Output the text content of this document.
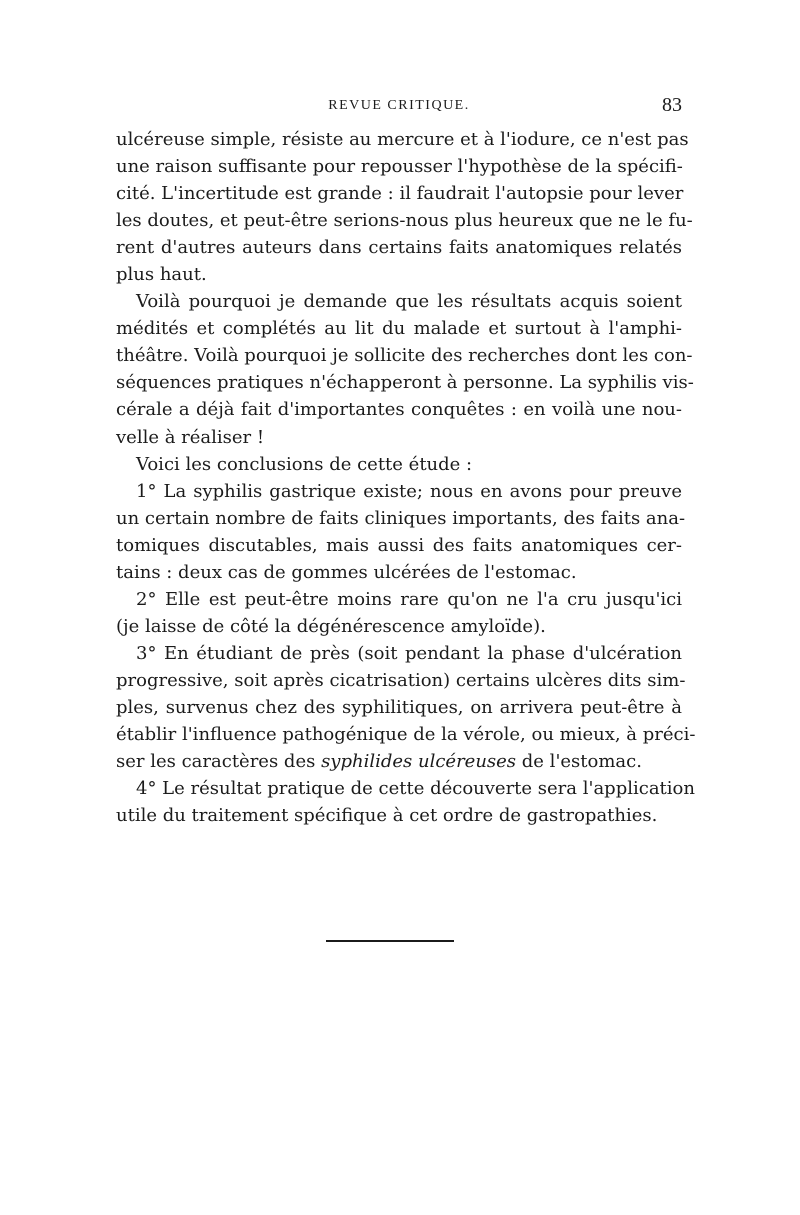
REVUE CRITIQUE.	83
ulcéreuse simple, résiste au mercure et à l'iodure, ce n'est pas
une raison suffisante pour repousser l'hypothèse de la spécifi-
cité. L'incertitude est grande : il faudrait l'autopsie pour lever
les doutes, et peut-être serions-nous plus heureux que ne le fu-
rent d'autres auteurs dans certains faits anatomiques relatés
plus haut.
Voilà pourquoi je demande que les résultats acquis soient
médités et complétés au lit du malade et surtout à l'amphi-
théâtre. Voilà pourquoi je sollicite des recherches dont les con-
séquences pratiques n'échapperont à personne. La syphilis vis-
cérale a déjà fait d'importantes conquêtes : en voilà une nou-
velle à réaliser !
Voici les conclusions de cette étude :
1° La syphilis gastrique existe; nous en avons pour preuve
un certain nombre de faits cliniques importants, des faits ana-
tomiques discutables, mais aussi des faits anatomiques cer-
tains : deux cas de gommes ulcérées de l'estomac.
2° Elle est peut-être moins rare qu'on ne l'a cru jusqu'ici
(je laisse de côté la dégénérescence amyloïde).
3° En étudiant de près (soit pendant la phase d'ulcération
progressive, soit après cicatrisation) certains ulcères dits sim-
ples, survenus chez des syphilitiques, on arrivera peut-être à
établir l'influence pathogénique de la vérole, ou mieux, à préci-
ser les caractères des syphilides ulcéreuses de l'estomac.
4° Le résultat pratique de cette découverte sera l'application
utile du traitement spécifique à cet ordre de gastropathies.
